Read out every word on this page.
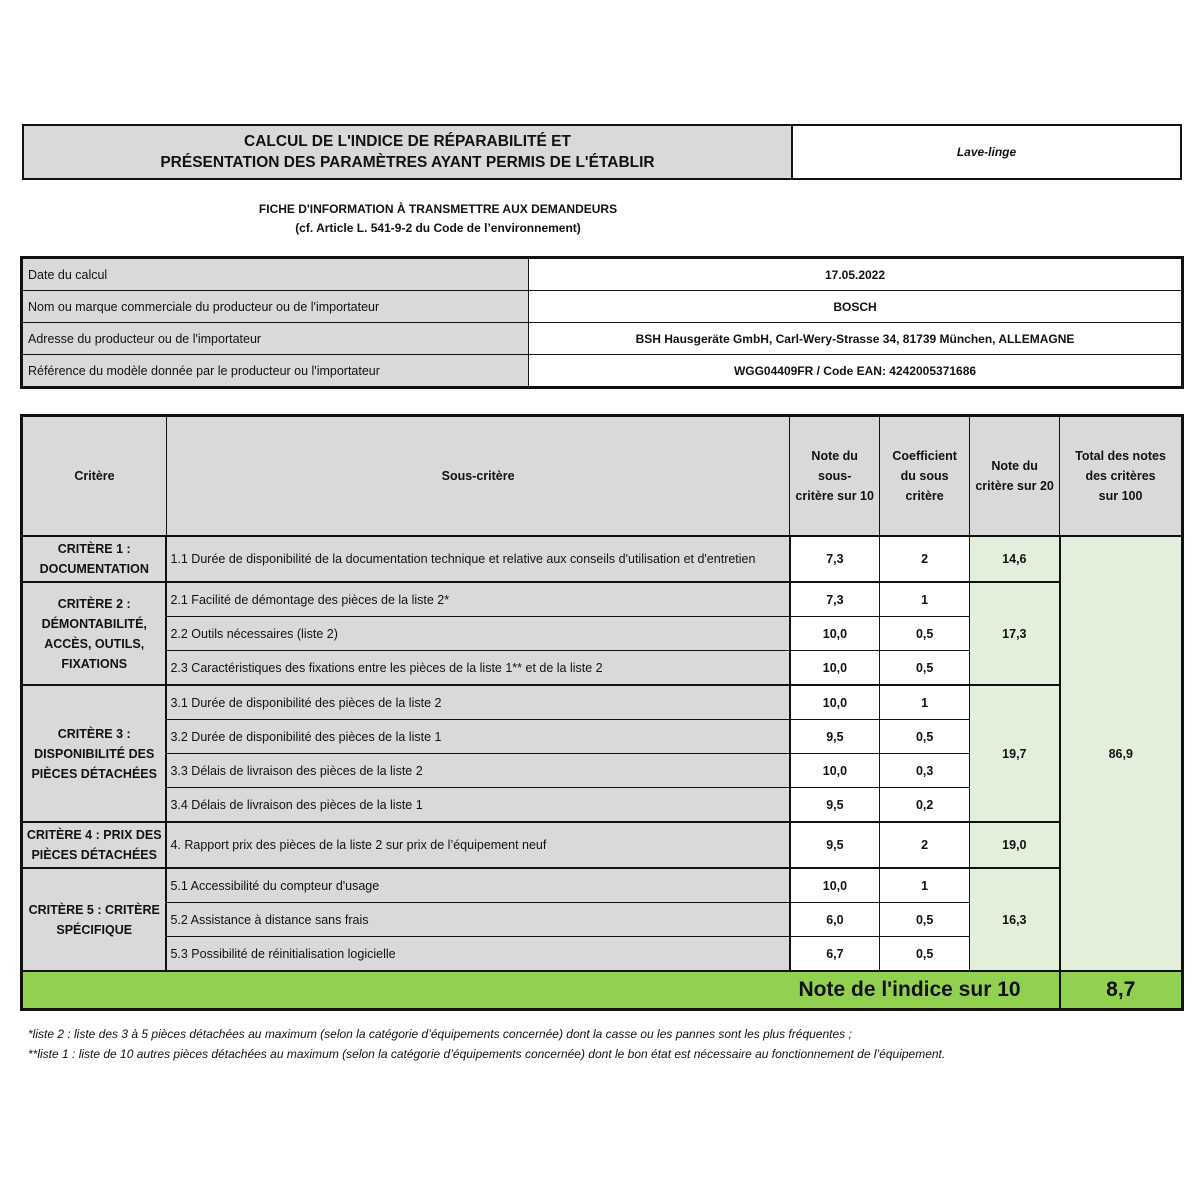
CALCUL DE L'INDICE DE RÉPARABILITÉ ET
PRÉSENTATION DES PARAMÈTRES AYANT PERMIS DE L'ÉTABLIR
Lave-linge
FICHE D'INFORMATION À TRANSMETTRE AUX DEMANDEURS
(cf. Article L. 541-9-2 du Code de l’environnement)
Date du calcul	17.05.2022
Nom ou marque commerciale du producteur ou de l'importateur	BOSCH
Adresse du producteur ou de l'importateur	BSH Hausgeräte GmbH, Carl-Wery-Strasse 34, 81739 München, ALLEMAGNE
Référence du modèle donnée par le producteur ou l'importateur	WGG04409FR / Code EAN: 4242005371686
Critère	Sous-critère	Note du sous-
critère sur 10	Coefficient
du sous
critère	Note du
critère sur 20	Total des notes
des critères
sur 100
CRITÈRE 1 :
DOCUMENTATION	1.1 Durée de disponibilité de la documentation technique et relative aux conseils d'utilisation et d'entretien	7,3	2	14,6	86,9
CRITÈRE 2 :
DÉMONTABILITÉ,
ACCÈS, OUTILS,
FIXATIONS	2.1 Facilité de démontage des pièces de la liste 2*	7,3	1	17,3	
	2.2 Outils nécessaires (liste 2)	10,0	0,5		
	2.3 Caractéristiques des fixations entre les pièces de la liste 1** et de la liste 2	10,0	0,5		
CRITÈRE 3 :
DISPONIBILITÉ DES
PIÈCES DÉTACHÉES	3.1 Durée de disponibilité des pièces de la liste 2	10,0	1	19,7	
	3.2 Durée de disponibilité des pièces de la liste 1	9,5	0,5		
	3.3 Délais de livraison des pièces de la liste 2	10,0	0,3		
	3.4 Délais de livraison des pièces de la liste 1	9,5	0,2		
CRITÈRE 4 : PRIX DES
PIÈCES DÉTACHÉES	4. Rapport prix des pièces de la liste 2 sur prix de l’équipement neuf	9,5	2	19,0	
CRITÈRE 5 : CRITÈRE
SPÉCIFIQUE	5.1 Accessibilité du compteur d'usage	10,0	1	16,3	
	5.2 Assistance à distance sans frais	6,0	0,5		
	5.3 Possibilité de réinitialisation logicielle	6,7	0,5		
Note de l'indice sur 10					8,7
*liste 2 : liste des 3 à 5 pièces détachées au maximum (selon la catégorie d’équipements concernée) dont la casse ou les pannes sont les plus fréquentes ;
**liste 1 : liste de 10 autres pièces détachées au maximum (selon la catégorie d’équipements concernée) dont le bon état est nécessaire au fonctionnement de l’équipement.
